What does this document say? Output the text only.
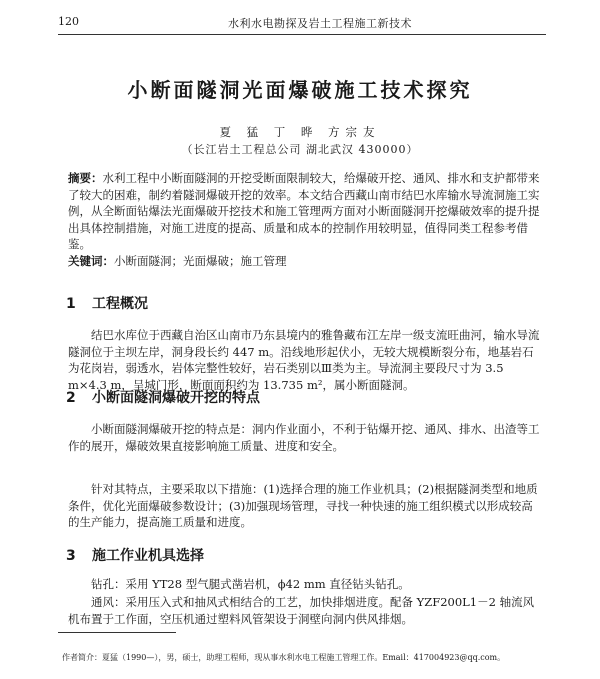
120	水利水电勘探及岩土工程施工新技术
小断面隧洞光面爆破施工技术探究
夏 猛 丁 晔 方宗友
（长江岩土工程总公司 湖北武汉 430000）

摘要：水利工程中小断面隧洞的开挖受断面限制较大，给爆破开挖、通风、排水和支护都带来了较大的困难，制约着隧洞爆破开挖的效率。本文结合西藏山南市结巴水库输水导流洞施工实例，从全断面钻爆法光面爆破开挖技术和施工管理两方面对小断面隧洞开挖爆破效率的提升提出具体控制措施，对施工进度的提高、质量和成本的控制作用较明显，值得同类工程参考借鉴。

关键词：小断面隧洞；光面爆破；施工管理

1 工程概况

结巴水库位于西藏自治区山南市乃东县境内的雅鲁藏布江左岸一级支流旺曲河，输水导流隧洞位于主坝左岸，洞身段长约 447 m。沿线地形起伏小，无较大规模断裂分布，地基岩石为花岗岩，弱透水，岩体完整性较好，岩石类别以Ⅲ类为主。导流洞主要段尺寸为 3.5 m×4.3 m，呈城门形，断面面积约为 13.735 m²，属小断面隧洞。

2 小断面隧洞爆破开挖的特点

小断面隧洞爆破开挖的特点是：洞内作业面小，不利于钻爆开挖、通风、排水、出渣等工作的展开，爆破效果直接影响施工质量、进度和安全。

针对其特点，主要采取以下措施：(1)选择合理的施工作业机具；(2)根据隧洞类型和地质条件，优化光面爆破参数设计；(3)加强现场管理，寻找一种快速的施工组织模式以形成较高的生产能力，提高施工质量和进度。

3 施工作业机具选择

钻孔：采用 YT28 型气腿式凿岩机，ϕ42 mm 直径钻头钻孔。

通风：采用压入式和抽风式相结合的工艺，加快排烟进度。配备 YZF200L1－2 轴流风机布置于工作面，空压机通过塑料风管架设于洞壁向洞内供风排烟。

作者简介：夏猛（1990—），男，硕士，助理工程师，现从事水利水电工程施工管理工作。Email：417004923@qq.com。
